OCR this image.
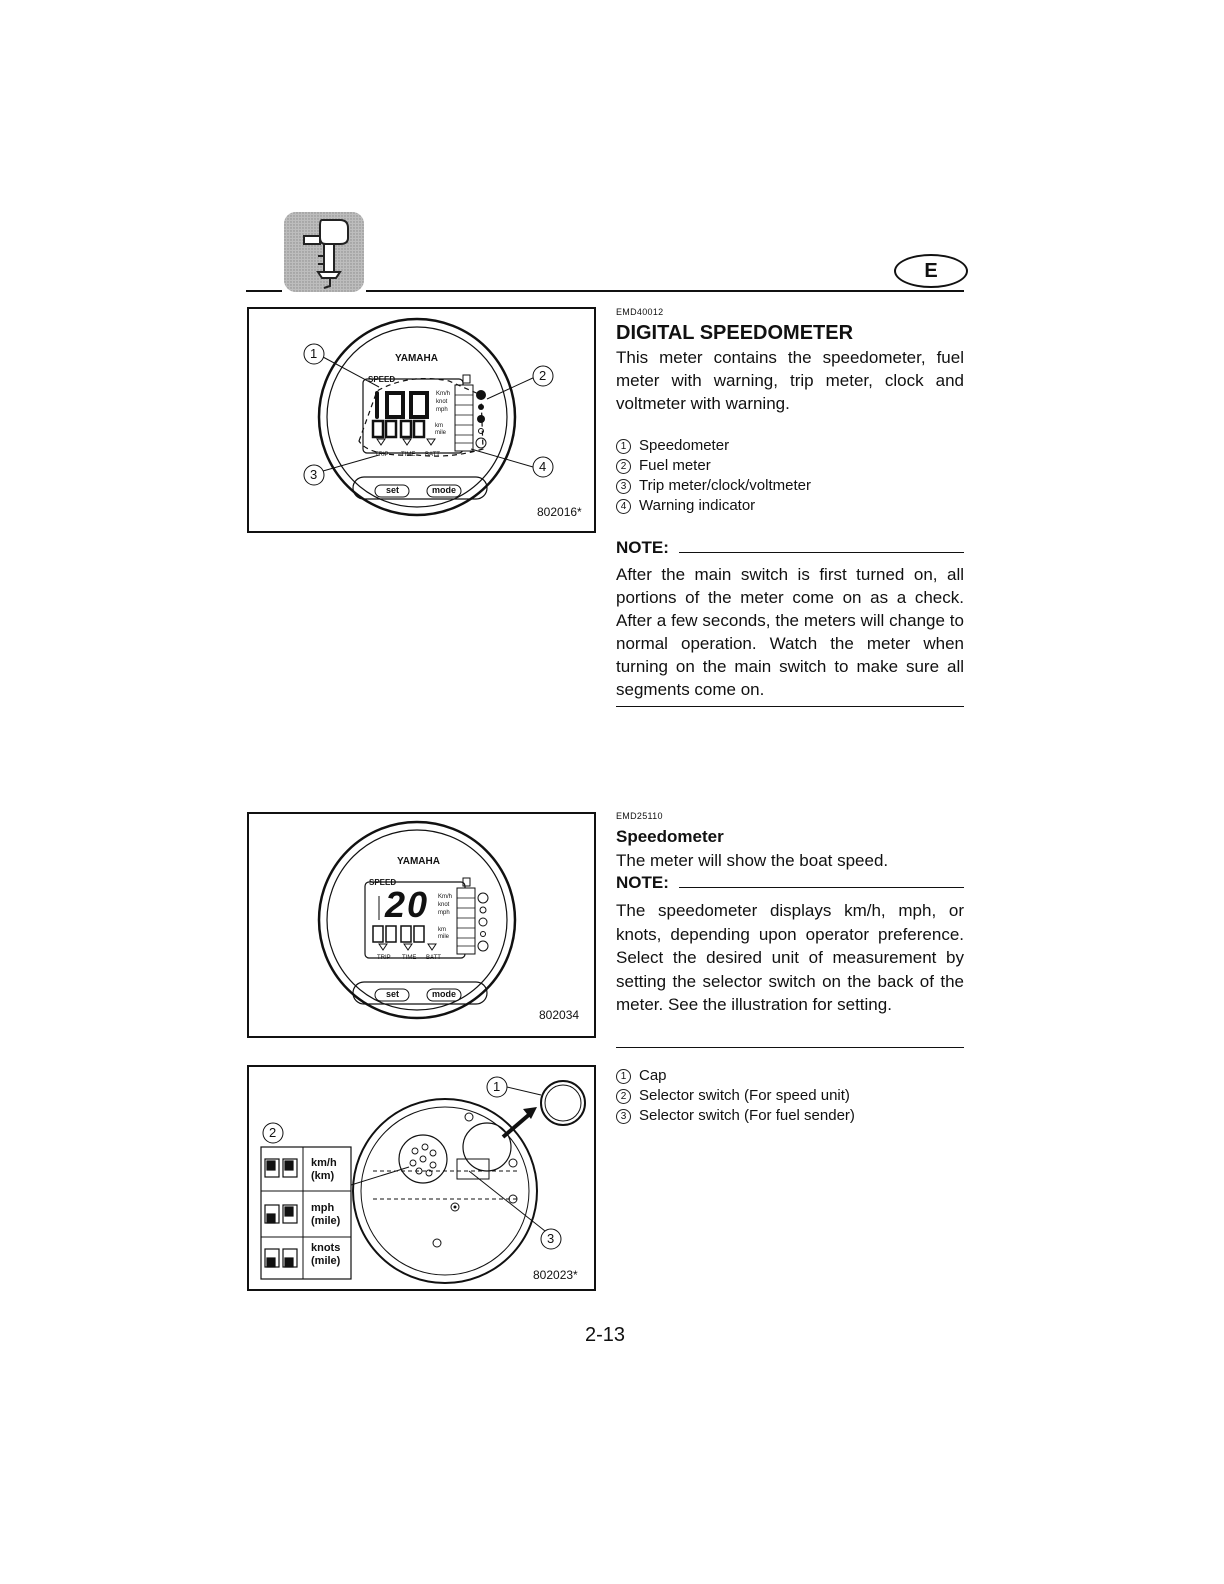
E
YAMAHA
SPEED
Km/h
knot
mph
km
mile
TRIP TIME BATT
set	mode
1
2
3
4
802016*
EMD40012
DIGITAL SPEEDOMETER
This meter contains the speedometer, fuel meter with warning, trip meter, clock and voltmeter with warning.
1 Speedometer
2 Fuel meter
3 Trip meter/clock/voltmeter
4 Warning indicator
NOTE:
After the main switch is first turned on, all portions of the meter come on as a check. After a few seconds, the meters will change to normal operation. Watch the meter when turning on the main switch to make sure all segments come on.
YAMAHA
SPEED
20 Km/h
knot
mph
km
mile
TRIP TIME BATT
set	mode
802034
EMD25110
Speedometer
The meter will show the boat speed.
NOTE:
The speedometer displays km/h, mph, or knots, depending upon operator preference. Select the desired unit of measurement by setting the selector switch on the back of the meter. See the illustration for setting.
1 Cap
2 Selector switch (For speed unit)
3 Selector switch (For fuel sender)
1
2
3
km/h
(km)
mph
(mile)
knots
(mile)
802023*
2-13
